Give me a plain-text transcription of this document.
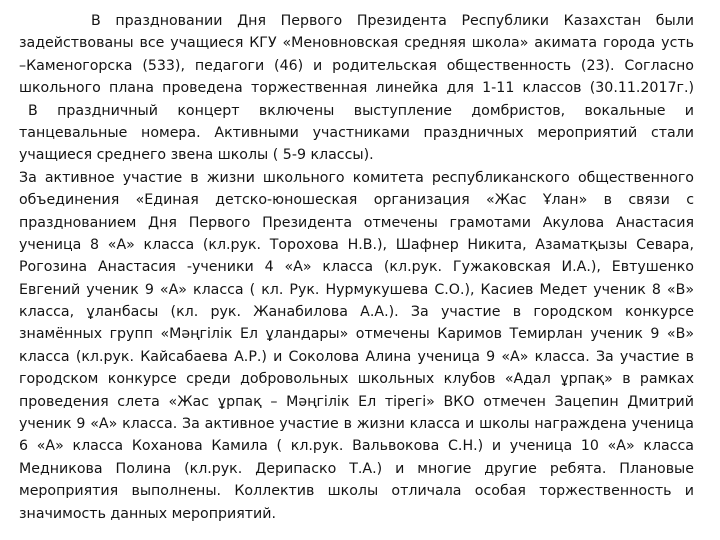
В праздновании Дня Первого Президента Республики Казахстан были
задействованы все учащиеся КГУ «Меновновская средняя школа» акимата города усть
–Каменогорска (533), педагоги (46) и родительская общественность (23). Согласно
школьного плана проведена торжественная линейка для 1-11 классов (30.11.2017г.)
В праздничный концерт включены выступление домбристов, вокальные и
танцевальные номера. Активными участниками праздничных мероприятий стали
учащиеся среднего звена школы ( 5-9 классы).
За активное участие в жизни школьного комитета республиканского общественного
объединения «Единая детско-юношеская организация «Жас Ұлан» в связи с
празднованием Дня Первого Президента отмечены грамотами Акулова Анастасия
ученица 8 «А» класса (кл.рук. Торохова Н.В.), Шафнер Никита, Азаматқызы Севара,
Рогозина Анастасия -ученики 4 «А» класса (кл.рук. Гужаковская И.А.), Евтушенко
Евгений ученик 9 «А» класса ( кл. Рук. Нурмукушева С.О.), Касиев Медет ученик 8 «В»
класса, ұланбасы (кл. рук. Жанабилова А.А.). За участие в городском конкурсе
знамённых групп «Мәңгілік Ел ұландары» отмечены Каримов Темирлан ученик 9 «В»
класса (кл.рук. Кайсабаева А.Р.) и Соколова Алина ученица 9 «А» класса. За участие в
городском конкурсе среди добровольных школьных клубов «Адал ұрпақ» в рамках
проведения слета «Жас ұрпақ – Мәңгілік Ел тірегі» ВКО отмечен Зацепин Дмитрий
ученик 9 «А» класса. За активное участие в жизни класса и школы награждена ученица
6 «А» класса Кохановa Камила ( кл.рук. Вальвокова С.Н.) и ученица 10 «А» класса
Медникова Полина (кл.рук. Дерипаско Т.А.) и многие другие ребята. Плановые
мероприятия выполнены. Коллектив школы отличала особая торжественность и
значимость данных мероприятий.
